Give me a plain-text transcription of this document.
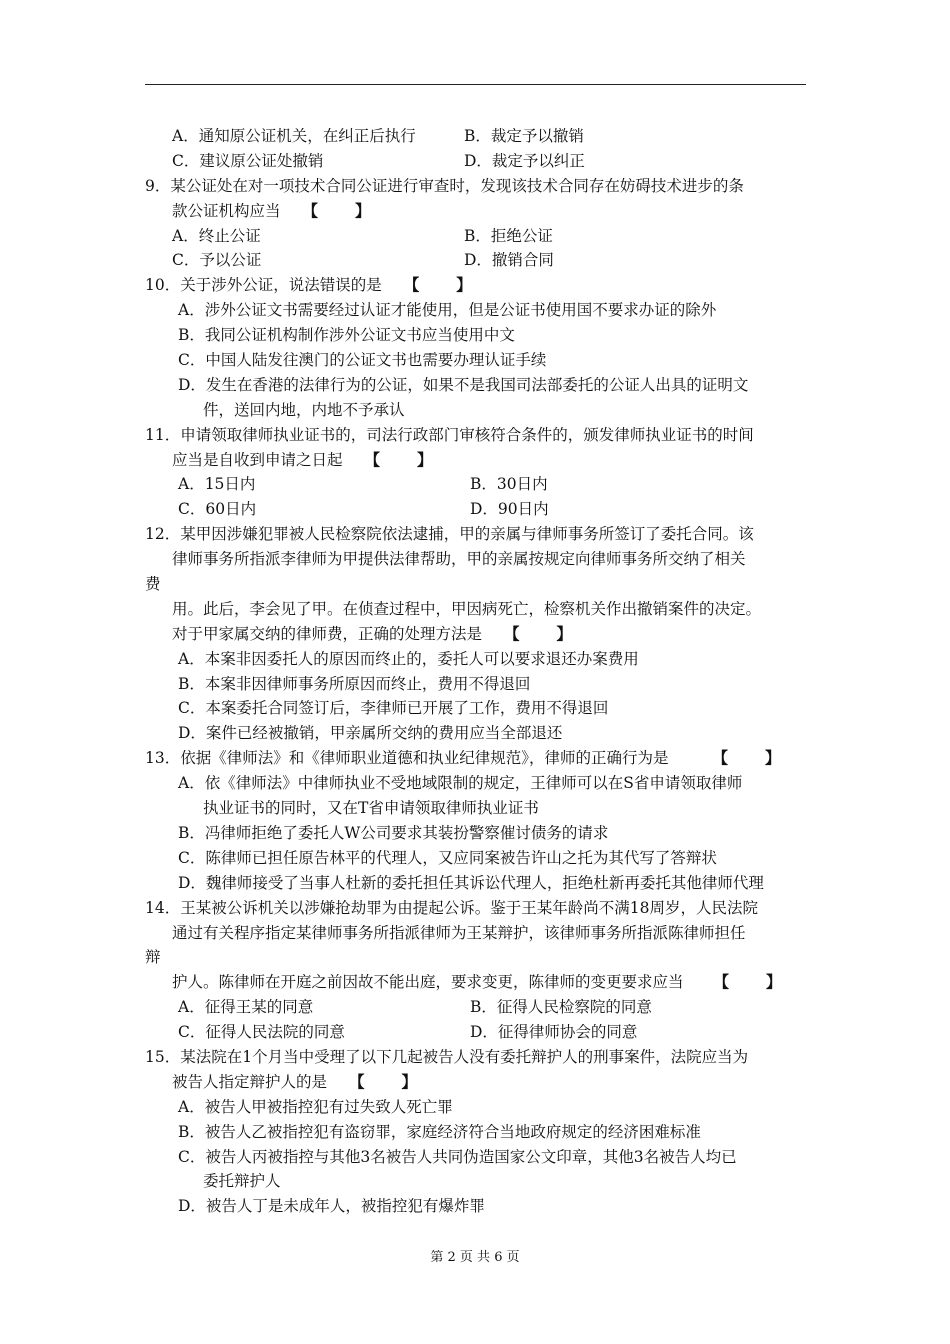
A．通知原公证机关，在纠正后执行	B．裁定予以撤销
C．建议原公证处撤销	D．裁定予以纠正
9．某公证处在对一项技术合同公证进行审查时，发现该技术合同存在妨碍技术进步的条
款公证机构应当 【　　】
A．终止公证	B．拒绝公证
C．予以公证	D．撤销合同
10．关于涉外公证，说法错误的是 【　　】
A．涉外公证文书需要经过认证才能使用，但是公证书使用国不要求办证的除外
B．我同公证机构制作涉外公证文书应当使用中文
C．中国人陆发往澳门的公证文书也需要办理认证手续
D．发生在香港的法律行为的公证，如果不是我国司法部委托的公证人出具的证明文
件，送回内地，内地不予承认
11．申请领取律师执业证书的，司法行政部门审核符合条件的，颁发律师执业证书的时间
应当是自收到申请之日起 【　　】
A．15日内	B．30日内
C．60日内	D．90日内
12．某甲因涉嫌犯罪被人民检察院依法逮捕，甲的亲属与律师事务所签订了委托合同。该
律师事务所指派李律师为甲提供法律帮助，甲的亲属按规定向律师事务所交纳了相关
费
用。此后，李会见了甲。在侦查过程中，甲因病死亡，检察机关作出撤销案件的决定。
对于甲家属交纳的律师费，正确的处理方法是 【　　】
A．本案非因委托人的原因而终止的，委托人可以要求退还办案费用
B．本案非因律师事务所原因而终止，费用不得退回
C．本案委托合同签订后，李律师已开展了工作，费用不得退回
D．案件已经被撤销，甲亲属所交纳的费用应当全部退还
13．依据《律师法》和《律师职业道德和执业纪律规范》，律师的正确行为是	【　　】
A．依《律师法》中律师执业不受地域限制的规定，王律师可以在S省申请领取律师
执业证书的同时，又在T省申请领取律师执业证书
B．冯律师拒绝了委托人W公司要求其装扮警察催讨债务的请求
C．陈律师已担任原告林平的代理人，又应同案被告许山之托为其代写了答辩状
D．魏律师接受了当事人杜新的委托担任其诉讼代理人，拒绝杜新再委托其他律师代理
14．王某被公诉机关以涉嫌抢劫罪为由提起公诉。鉴于王某年龄尚不满18周岁，人民法院
通过有关程序指定某律师事务所指派律师为王某辩护，该律师事务所指派陈律师担任
辩
护人。陈律师在开庭之前因故不能出庭，要求变更，陈律师的变更要求应当 【　　】
A．征得王某的同意	B．征得人民检察院的同意
C．征得人民法院的同意	D．征得律师协会的同意
15．某法院在1个月当中受理了以下几起被告人没有委托辩护人的刑事案件，法院应当为
被告人指定辩护人的是 【　　】
A．被告人甲被指控犯有过失致人死亡罪
B．被告人乙被指控犯有盗窃罪，家庭经济符合当地政府规定的经济困难标准
C．被告人丙被指控与其他3名被告人共同伪造国家公文印章，其他3名被告人均已
委托辩护人
D．被告人丁是未成年人，被指控犯有爆炸罪
第 2 页 共 6 页
